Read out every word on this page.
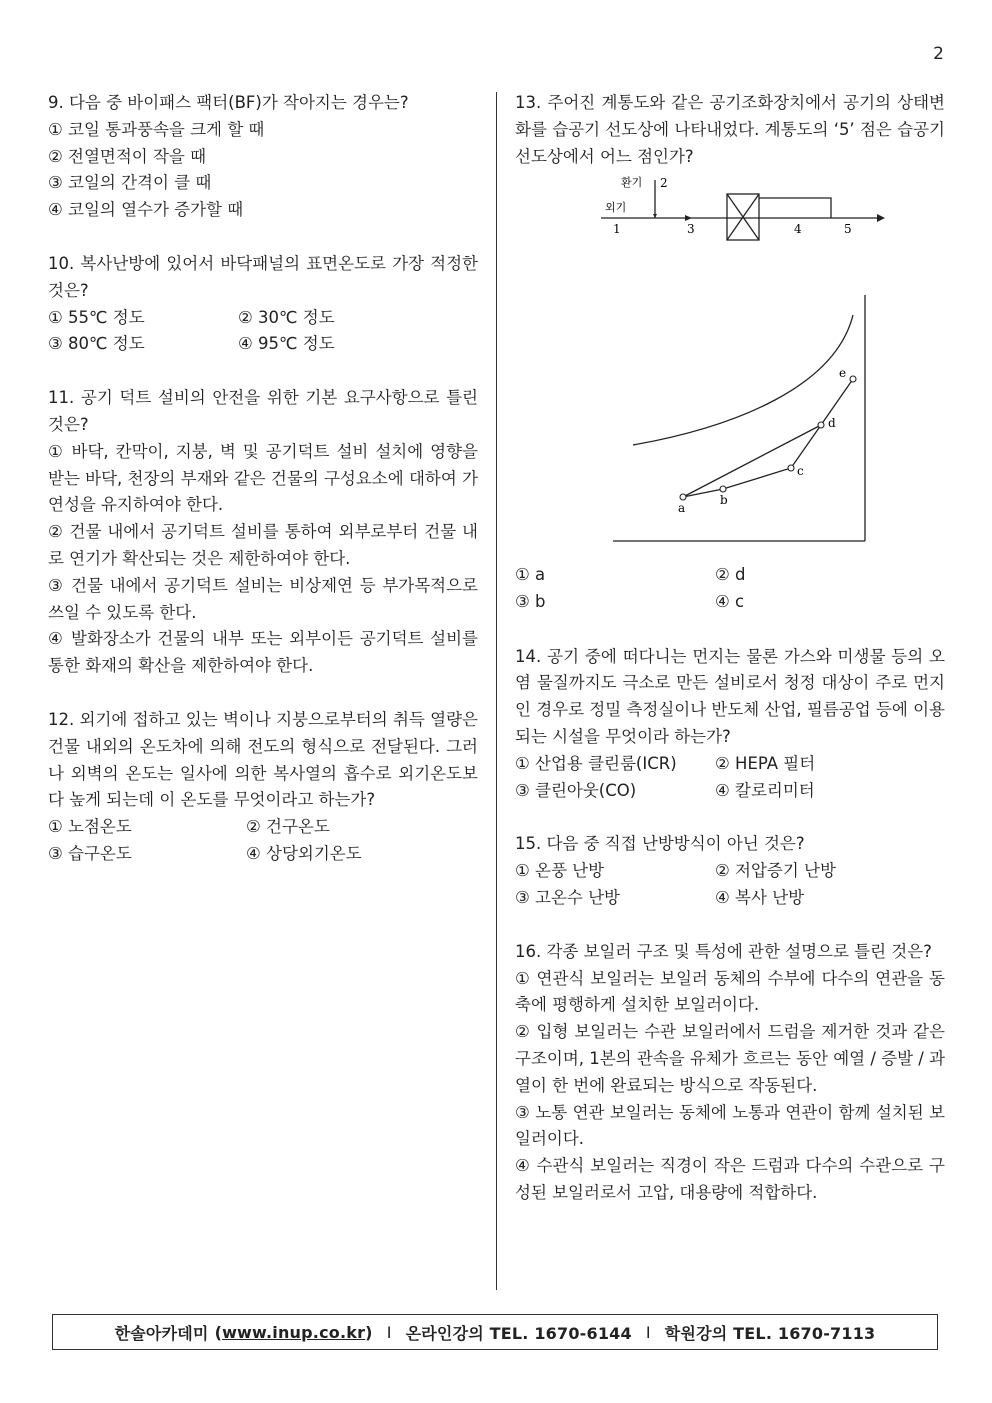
2

9. 다음 중 바이패스 팩터(BF)가 작아지는 경우는?

① 코일 통과풍속을 크게 할 때

② 전열면적이 작을 때

③ 코일의 간격이 클 때

④ 코일의 열수가 증가할 때

10. 복사난방에 있어서 바닥패널의 표면온도로 가장 적정한 것은?

① 55℃ 정도	② 30℃ 정도
③ 80℃ 정도	④ 95℃ 정도

11. 공기 덕트 설비의 안전을 위한 기본 요구사항으로 틀린 것은?

① 바닥, 칸막이, 지붕, 벽 및 공기덕트 설비 설치에 영향을 받는 바닥, 천장의 부재와 같은 건물의 구성요소에 대하여 가연성을 유지하여야 한다.

② 건물 내에서 공기덕트 설비를 통하여 외부로부터 건물 내로 연기가 확산되는 것은 제한하여야 한다.

③ 건물 내에서 공기덕트 설비는 비상제연 등 부가목적으로 쓰일 수 있도록 한다.

④ 발화장소가 건물의 내부 또는 외부이든 공기덕트 설비를 통한 화재의 확산을 제한하여야 한다.

12. 외기에 접하고 있는 벽이나 지붕으로부터의 취득 열량은 건물 내외의 온도차에 의해 전도의 형식으로 전달된다. 그러나 외벽의 온도는 일사에 의한 복사열의 흡수로 외기온도보다 높게 되는데 이 온도를 무엇이라고 하는가?

① 노점온도	② 건구온도
③ 습구온도	④ 상당외기온도

13. 주어진 계통도와 같은 공기조화장치에서 공기의 상태변화를 습공기 선도상에 나타내었다. 계통도의 ‘5’ 점은 습공기 선도상에서 어느 점인가?

환기 2
외기
1	3	4	5

a
b
c
d
e
① a	② d
③ b	④ c

14. 공기 중에 떠다니는 먼지는 물론 가스와 미생물 등의 오염 물질까지도 극소로 만든 설비로서 청정 대상이 주로 먼지인 경우로 정밀 측정실이나 반도체 산업, 필름공업 등에 이용되는 시설을 무엇이라 하는가?

① 산업용 클린룸(ICR)	② HEPA 필터
③ 클린아웃(CO)	④ 칼로리미터

15. 다음 중 직접 난방방식이 아닌 것은?

① 온풍 난방	② 저압증기 난방
③ 고온수 난방	④ 복사 난방

16. 각종 보일러 구조 및 특성에 관한 설명으로 틀린 것은?

① 연관식 보일러는 보일러 동체의 수부에 다수의 연관을 동축에 평행하게 설치한 보일러이다.

② 입형 보일러는 수관 보일러에서 드럼을 제거한 것과 같은 구조이며, 1본의 관속을 유체가 흐르는 동안 예열 / 증발 / 과열이 한 번에 완료되는 방식으로 작동된다.

③ 노통 연관 보일러는 동체에 노통과 연관이 함께 설치된 보일러이다.

④ 수관식 보일러는 직경이 작은 드럼과 다수의 수관으로 구성된 보일러로서 고압, 대용량에 적합하다.

한솔아카데미 ( www.inup.co.kr ) I 온라인강의 TEL. 1670-6144 I 학원강의 TEL. 1670-7113
